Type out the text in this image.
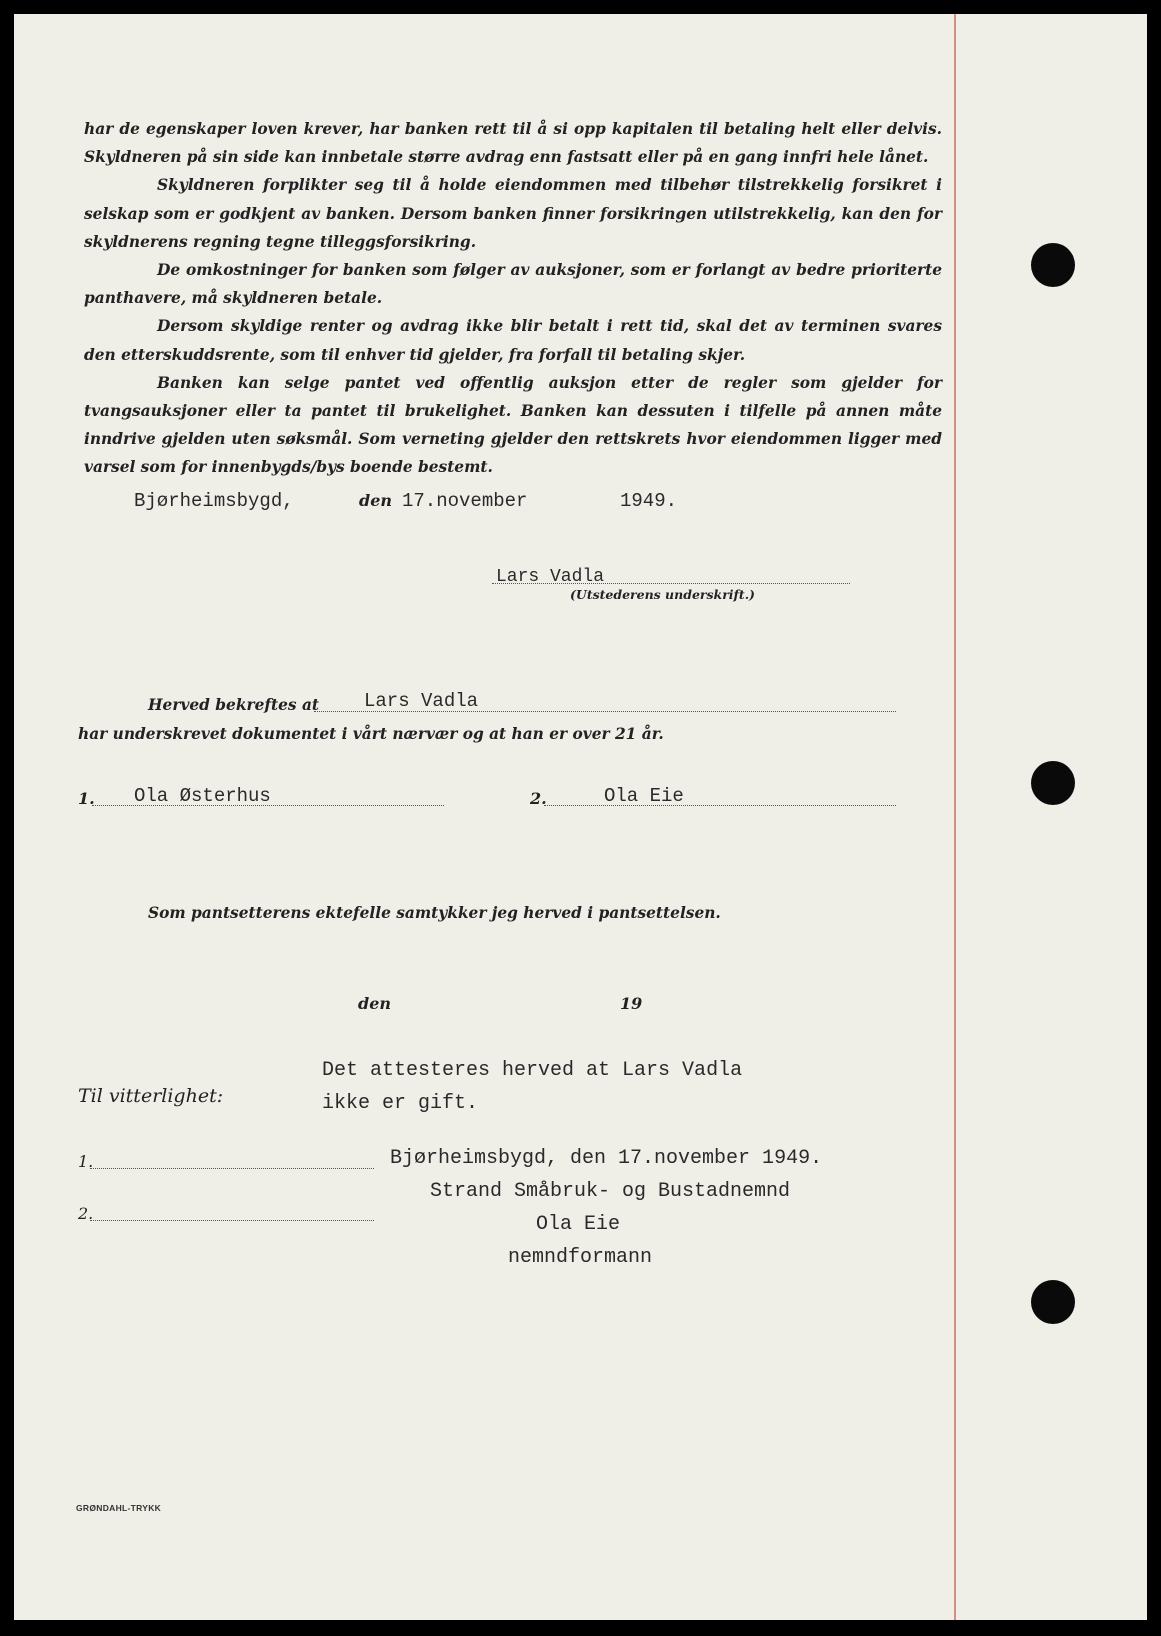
har de egenskaper loven krever, har banken rett til å si opp kapitalen til betaling helt eller delvis. Skyldneren på sin side kan innbetale større avdrag enn fastsatt eller på en gang innfri hele lånet.

Skyldneren forplikter seg til å holde eiendommen med tilbehør tilstrekkelig forsikret i selskap som er godkjent av banken. Dersom banken finner forsikringen utilstrekkelig, kan den for skyldnerens regning tegne tilleggsforsikring.

De omkostninger for banken som følger av auksjoner, som er forlangt av bedre prioriterte panthavere, må skyldneren betale.

Dersom skyldige renter og avdrag ikke blir betalt i rett tid, skal det av terminen svares den etterskuddsrente, som til enhver tid gjelder, fra forfall til betaling skjer.

Banken kan selge pantet ved offentlig auksjon etter de regler som gjelder for tvangsauksjoner eller ta pantet til brukelighet. Banken kan dessuten i tilfelle på annen måte inndrive gjelden uten søksmål. Som verneting gjelder den rettskrets hvor eiendommen ligger med varsel som for innenbygds/bys boende bestemt.

Bjørheimsbygd,	den 17.november	1949.
Lars Vadla
(Utstederens underskrift.)
Herved bekreftes at Lars Vadla
har underskrevet dokumentet i vårt nærvær og at han er over 21 år.
1. Ola Østerhus	2.	Ola Eie
Som pantsetterens ektefelle samtykker jeg herved i pantsettelsen.
den	19
Til vitterlighet:
1.
2.
Det attesteres herved at Lars Vadla
ikke er gift.
Bjørheimsbygd, den 17.november 1949.
Strand Småbruk- og Bustadnemnd
Ola Eie
nemndformann
GRØNDAHL-TRYKK
